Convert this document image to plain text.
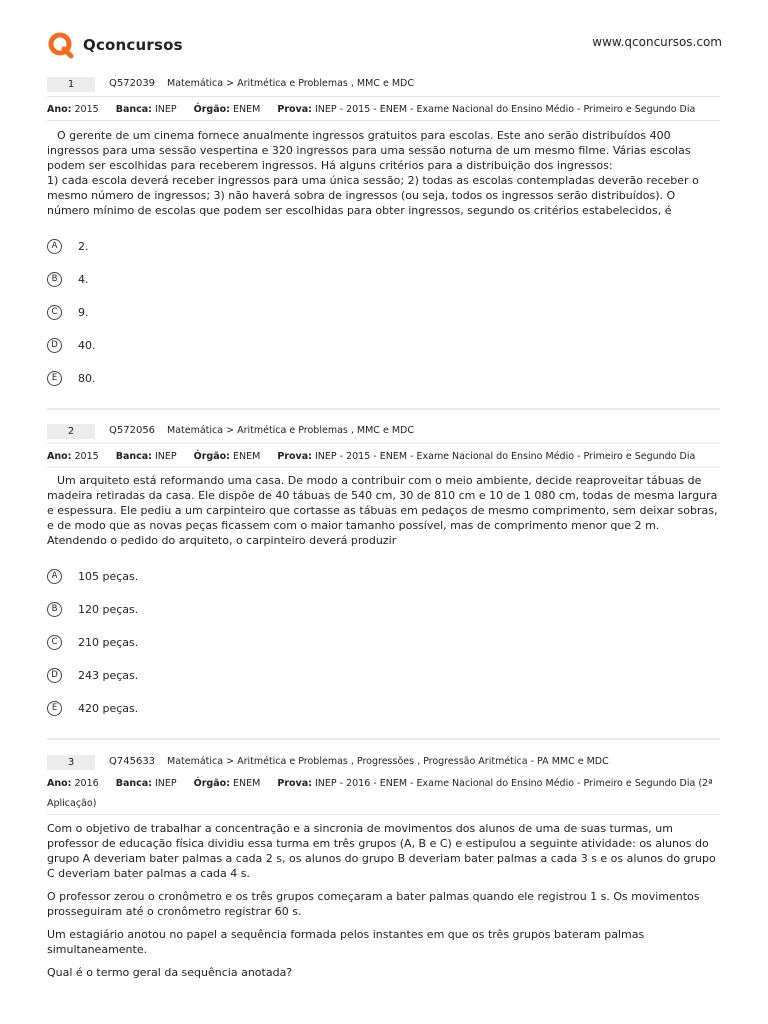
Qconcursos	www.qconcursos.com
1	Q572039 Matemática > Aritmética e Problemas , MMC e MDC
Ano: 2015 Banca: INEP Órgão: ENEM Prova: INEP - 2015 - ENEM - Exame Nacional do Ensino Médio - Primeiro e Segundo Dia

O gerente de um cinema fornece anualmente ingressos gratuitos para escolas. Este ano serão distribuídos 400 ingressos para uma sessão vespertina e 320 ingressos para uma sessão noturna de um mesmo filme. Várias escolas podem ser escolhidas para receberem ingressos. Há alguns critérios para a distribuição dos ingressos:

1) cada escola deverá receber ingressos para uma única sessão; 2) todas as escolas contempladas deverão receber o mesmo número de ingressos; 3) não haverá sobra de ingressos (ou seja, todos os ingressos serão distribuídos). O número mínimo de escolas que podem ser escolhidas para obter ingressos, segundo os critérios estabelecidos, é

A	2.
B	4.
C	9.
D	40.
E	80.
2	Q572056 Matemática > Aritmética e Problemas , MMC e MDC
Ano: 2015 Banca: INEP Órgão: ENEM Prova: INEP - 2015 - ENEM - Exame Nacional do Ensino Médio - Primeiro e Segundo Dia

Um arquiteto está reformando uma casa. De modo a contribuir com o meio ambiente, decide reaproveitar tábuas de madeira retiradas da casa. Ele dispõe de 40 tábuas de 540 cm, 30 de 810 cm e 10 de 1 080 cm, todas de mesma largura e espessura. Ele pediu a um carpinteiro que cortasse as tábuas em pedaços de mesmo comprimento, sem deixar sobras, e de modo que as novas peças ficassem com o maior tamanho possível, mas de comprimento menor que 2 m.

Atendendo o pedido do arquiteto, o carpinteiro deverá produzir

A	105 peças.
B	120 peças.
C	210 peças.
D	243 peças.
E	420 peças.
3	Q745633 Matemática > Aritmética e Problemas , Progressões , Progressão Aritmética - PA MMC e MDC
Ano: 2016 Banca: INEP Órgão: ENEM Prova: INEP - 2016 - ENEM - Exame Nacional do Ensino Médio - Primeiro e Segundo Dia (2ª Aplicação)

Com o objetivo de trabalhar a concentração e a sincronia de movimentos dos alunos de uma de suas turmas, um professor de educação física dividiu essa turma em três grupos (A, B e C) e estipulou a seguinte atividade: os alunos do grupo A deveriam bater palmas a cada 2 s, os alunos do grupo B deveriam bater palmas a cada 3 s e os alunos do grupo C deveriam bater palmas a cada 4 s.

O professor zerou o cronômetro e os três grupos começaram a bater palmas quando ele registrou 1 s. Os movimentos prosseguiram até o cronômetro registrar 60 s.

Um estagiário anotou no papel a sequência formada pelos instantes em que os três grupos bateram palmas simultaneamente.

Qual é o termo geral da sequência anotada?
